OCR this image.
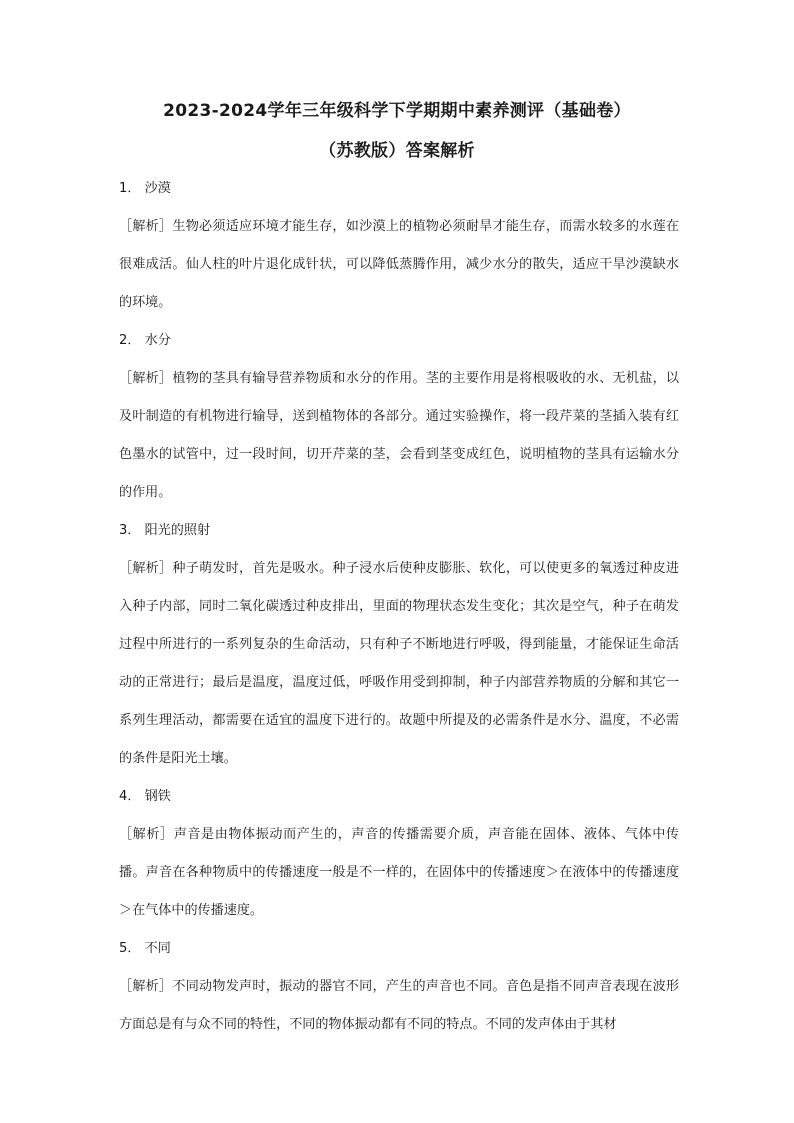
2023-2024学年三年级科学下学期期中素养测评（基础卷）
（苏教版）答案解析

1． 沙漠

［解析］生物必须适应环境才能生存，如沙漠上的植物必须耐旱才能生存，而需水较多的水莲在很难成活。仙人柱的叶片退化成针状，可以降低蒸腾作用，减少水分的散失，适应干旱沙漠缺水的环境。

2． 水分

［解析］植物的茎具有输导营养物质和水分的作用。茎的主要作用是将根吸收的水、无机盐，以及叶制造的有机物进行输导，送到植物体的各部分。通过实验操作，将一段芹菜的茎插入装有红色墨水的试管中，过一段时间，切开芹菜的茎，会看到茎变成红色，说明植物的茎具有运输水分的作用。

3． 阳光的照射

［解析］种子萌发时，首先是吸水。种子浸水后使种皮膨胀、软化，可以使更多的氧透过种皮进入种子内部，同时二氧化碳透过种皮排出，里面的物理状态发生变化；其次是空气，种子在萌发过程中所进行的一系列复杂的生命活动，只有种子不断地进行呼吸，得到能量，才能保证生命活动的正常进行；最后是温度，温度过低，呼吸作用受到抑制，种子内部营养物质的分解和其它一系列生理活动，都需要在适宜的温度下进行的。故题中所提及的必需条件是水分、温度，不必需的条件是阳光土壤。

4． 钢铁

［解析］声音是由物体振动而产生的，声音的传播需要介质，声音能在固体、液体、气体中传播。声音在各种物质中的传播速度一般是不一样的，在固体中的传播速度＞在液体中的传播速度＞在气体中的传播速度。

5． 不同

［解析］不同动物发声时，振动的器官不同，产生的声音也不同。音色是指不同声音表现在波形方面总是有与众不同的特性，不同的物体振动都有不同的特点。不同的发声体由于其材
